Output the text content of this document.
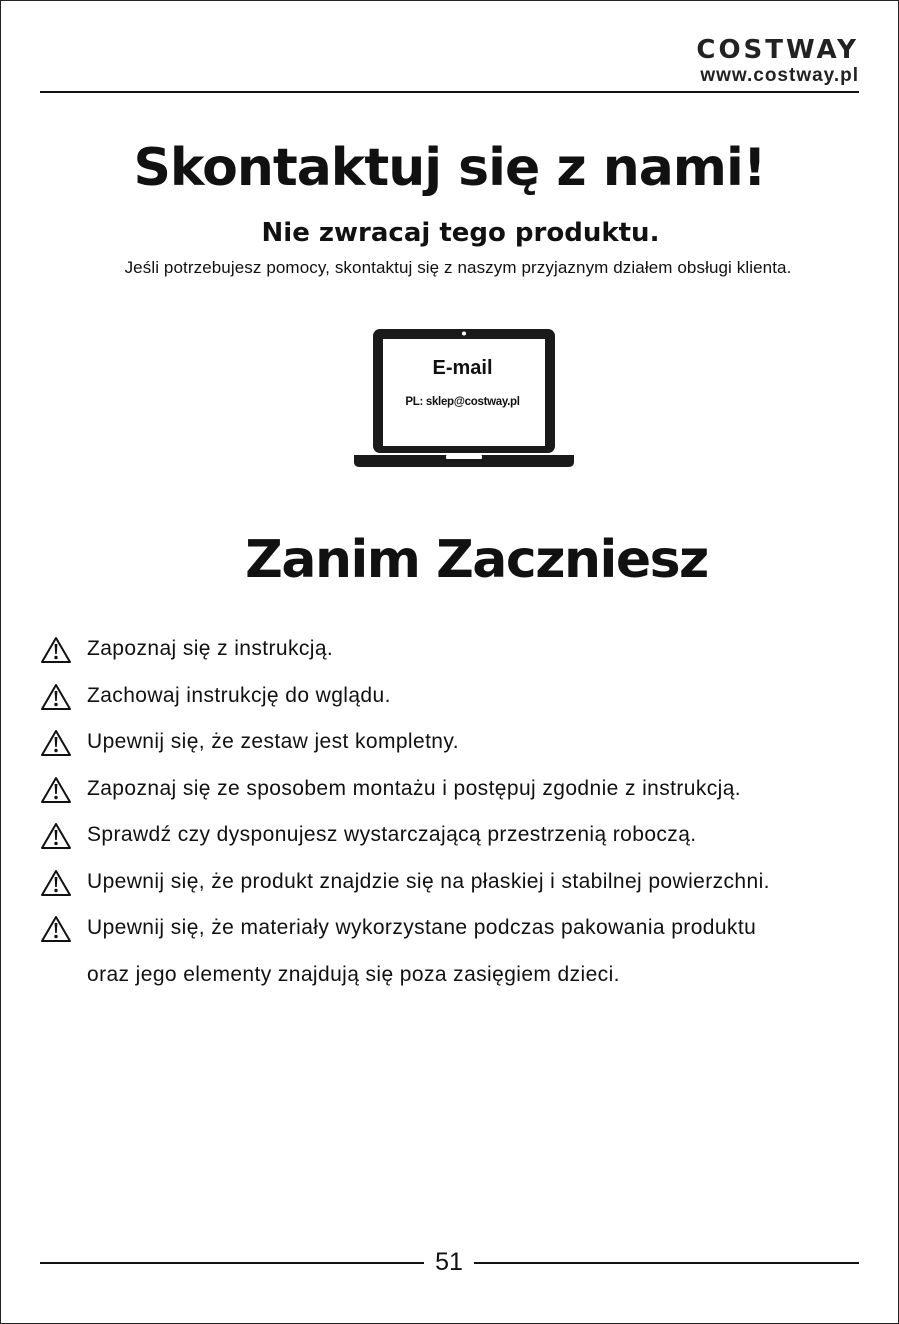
COSTWAY
www.costway.pl
Skontaktuj się z nami!
Nie zwracaj tego produktu.
Jeśli potrzebujesz pomocy, skontaktuj się z naszym przyjaznym działem obsługi klienta.
E-mail
PL: sklep@costway.pl
Zanim Zaczniesz
Zapoznaj się z instrukcją.
Zachowaj instrukcję do wglądu.
Upewnij się, że zestaw jest kompletny.
Zapoznaj się ze sposobem montażu i postępuj zgodnie z instrukcją.
Sprawdź czy dysponujesz wystarczającą przestrzenią roboczą.
Upewnij się, że produkt znajdzie się na płaskiej i stabilnej powierzchni.
Upewnij się, że materiały wykorzystane podczas pakowania produktu
oraz jego elementy znajdują się poza zasięgiem dzieci.
51
